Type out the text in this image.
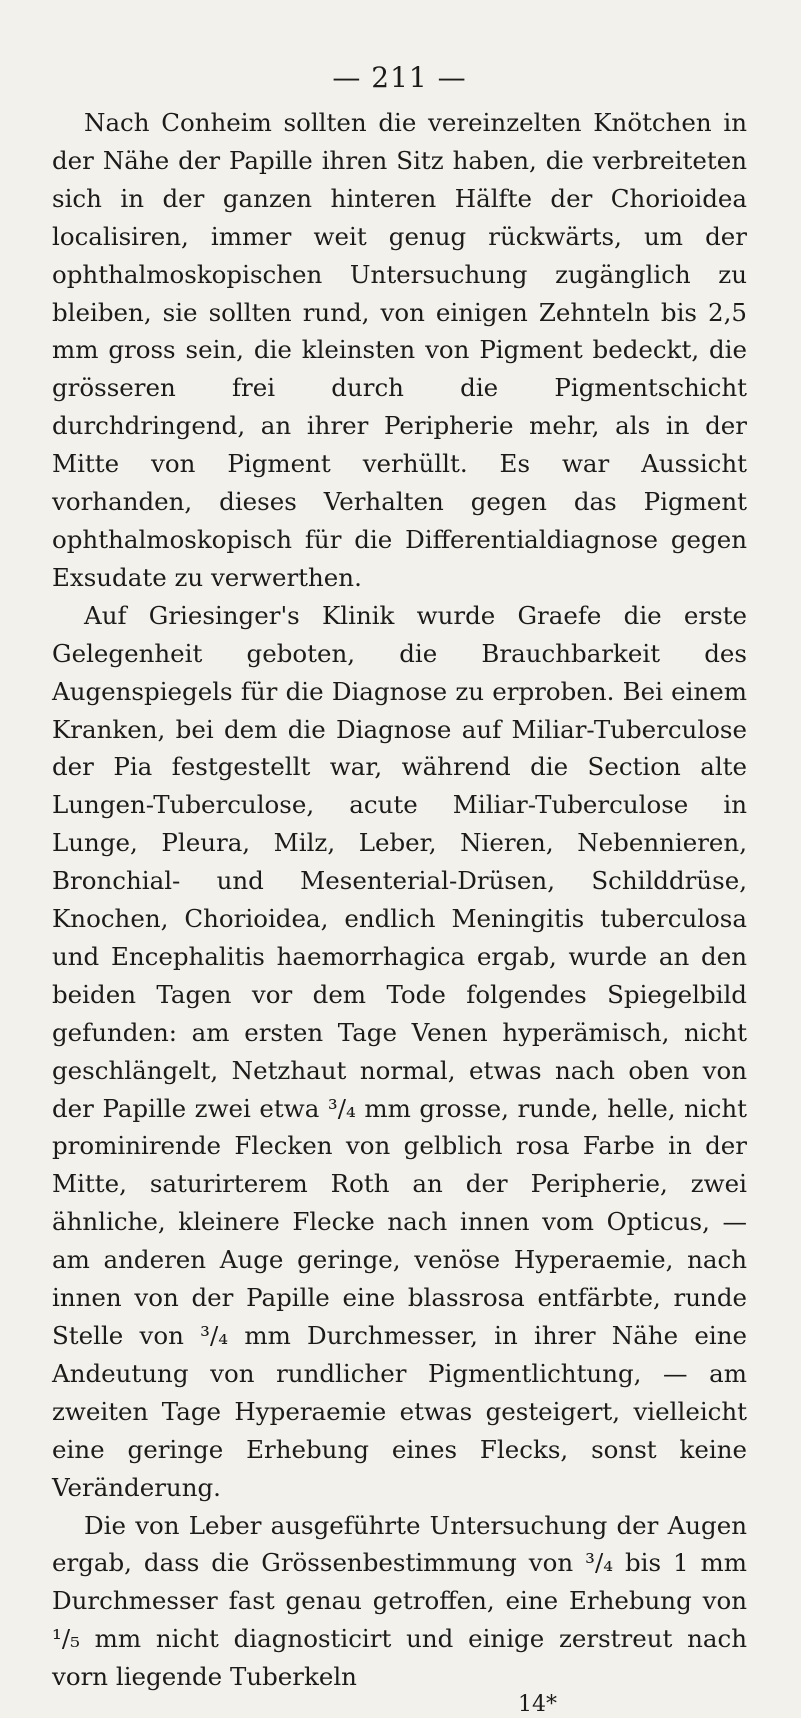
— 211 —

Nach Conheim sollten die vereinzelten Knötchen in der Nähe der Papille ihren Sitz haben, die verbreiteten sich in der ganzen hinteren Hälfte der Chorioidea localisiren, immer weit genug rückwärts, um der ophthalmoskopischen Untersuchung zugänglich zu bleiben, sie sollten rund, von einigen Zehnteln bis 2,5 mm gross sein, die kleinsten von Pigment bedeckt, die grösseren frei durch die Pigmentschicht durchdringend, an ihrer Peripherie mehr, als in der Mitte von Pigment verhüllt. Es war Aussicht vorhanden, dieses Verhalten gegen das Pigment ophthalmoskopisch für die Differentialdiagnose gegen Exsudate zu verwerthen.

Auf Griesinger's Klinik wurde Graefe die erste Gelegenheit geboten, die Brauchbarkeit des Augenspiegels für die Diagnose zu erproben. Bei einem Kranken, bei dem die Diagnose auf Miliar-Tuberculose der Pia festgestellt war, während die Section alte Lungen-Tuberculose, acute Miliar-Tuberculose in Lunge, Pleura, Milz, Leber, Nieren, Nebennieren, Bronchial- und Mesenterial-Drüsen, Schilddrüse, Knochen, Chorioidea, endlich Meningitis tuberculosa und Encephalitis haemorrhagica ergab, wurde an den beiden Tagen vor dem Tode folgendes Spiegelbild gefunden: am ersten Tage Venen hyperämisch, nicht geschlängelt, Netzhaut normal, etwas nach oben von der Papille zwei etwa ³/₄ mm grosse, runde, helle, nicht prominirende Flecken von gelblich rosa Farbe in der Mitte, saturirterem Roth an der Peripherie, zwei ähnliche, kleinere Flecke nach innen vom Opticus, — am anderen Auge geringe, venöse Hyperaemie, nach innen von der Papille eine blassrosa entfärbte, runde Stelle von ³/₄ mm Durchmesser, in ihrer Nähe eine Andeutung von rundlicher Pigmentlichtung, — am zweiten Tage Hyperaemie etwas gesteigert, vielleicht eine geringe Erhebung eines Flecks, sonst keine Veränderung.

Die von Leber ausgeführte Untersuchung der Augen ergab, dass die Grössenbestimmung von ³/₄ bis 1 mm Durchmesser fast genau getroffen, eine Erhebung von ¹/₅ mm nicht diagnosticirt und einige zerstreut nach vorn liegende Tuberkeln

14*
